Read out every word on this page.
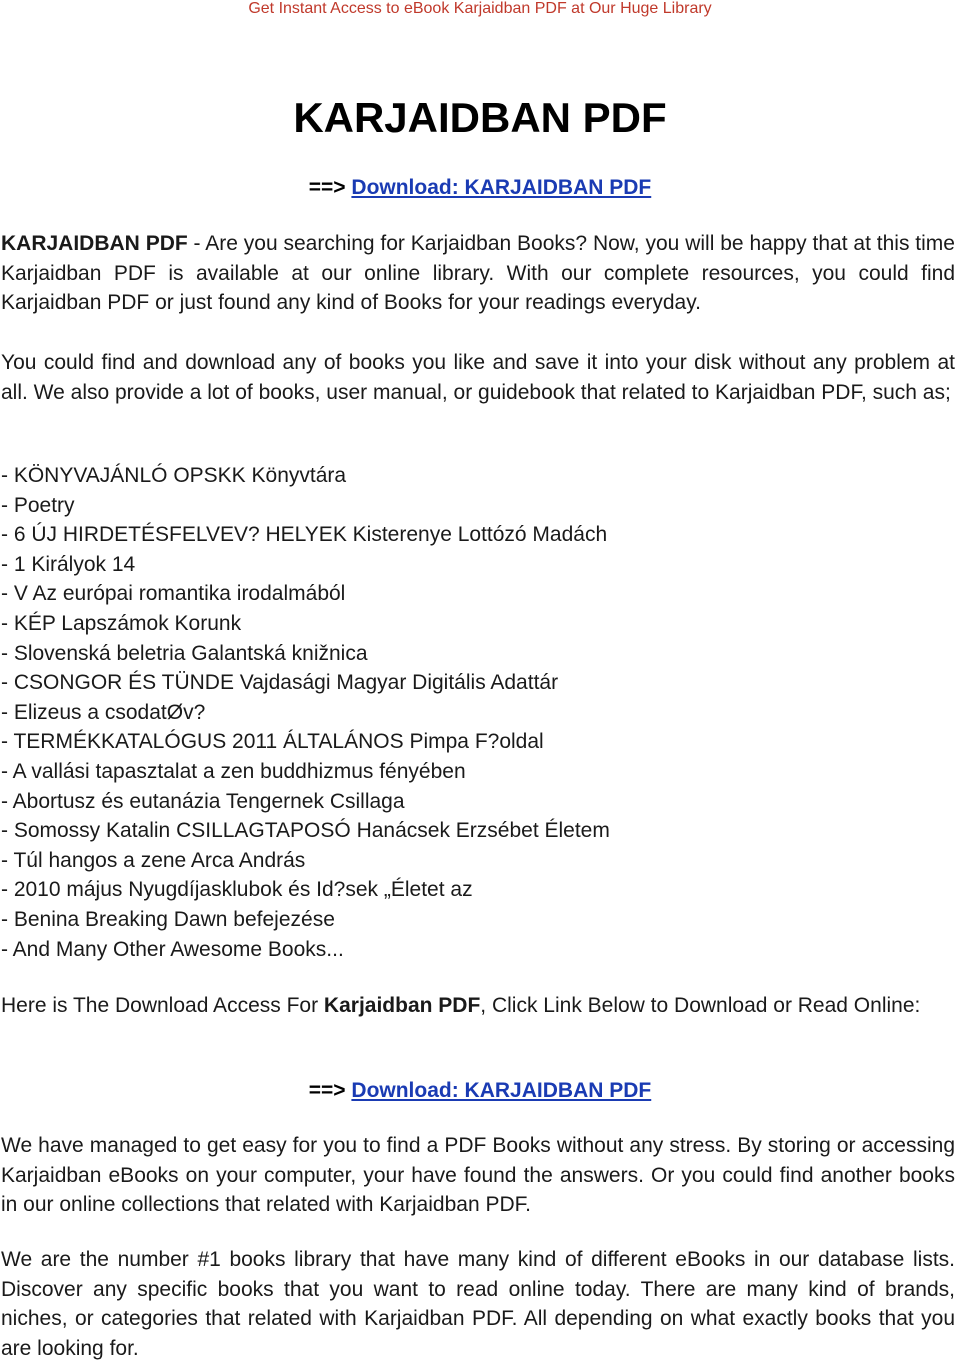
Get Instant Access to eBook Karjaidban PDF at Our Huge Library
KARJAIDBAN PDF
==> Download: KARJAIDBAN PDF

KARJAIDBAN PDF - Are you searching for Karjaidban Books? Now, you will be happy that at this time Karjaidban PDF is available at our online library. With our complete resources, you could find Karjaidban PDF or just found any kind of Books for your readings everyday.

You could find and download any of books you like and save it into your disk without any problem at all. We also provide a lot of books, user manual, or guidebook that related to Karjaidban PDF, such as;

- KÖNYVAJÁNLÓ OPSKK Könyvtára
- Poetry
- 6 ÚJ HIRDETÉSFELVEV? HELYEK Kisterenye Lottózó Madách
- 1 Királyok 14
- V Az európai romantika irodalmából
- KÉP Lapszámok Korunk
- Slovenská beletria Galantská knižnica
- CSONGOR ÉS TÜNDE Vajdasági Magyar Digitális Adattár
- Elizeus a csodatØv?
- TERMÉKKATALÓGUS 2011 ÁLTALÁNOS Pimpa F?oldal
- A vallási tapasztalat a zen buddhizmus fényében
- Abortusz és eutanázia Tengernek Csillaga
- Somossy Katalin CSILLAGTAPOSÓ Hanácsek Erzsébet Életem
- Túl hangos a zene Arca András
- 2010 május Nyugdíjasklubok és Id?sek „Életet az
- Benina Breaking Dawn befejezése
- And Many Other Awesome Books...

Here is The Download Access For Karjaidban PDF, Click Link Below to Download or Read Online:

==> Download: KARJAIDBAN PDF

We have managed to get easy for you to find a PDF Books without any stress. By storing or accessing Karjaidban eBooks on your computer, your have found the answers. Or you could find another books in our online collections that related with Karjaidban PDF.

We are the number #1 books library that have many kind of different eBooks in our database lists. Discover any specific books that you want to read online today. There are many kind of brands, niches, or categories that related with Karjaidban PDF. All depending on what exactly books that you are looking for.
